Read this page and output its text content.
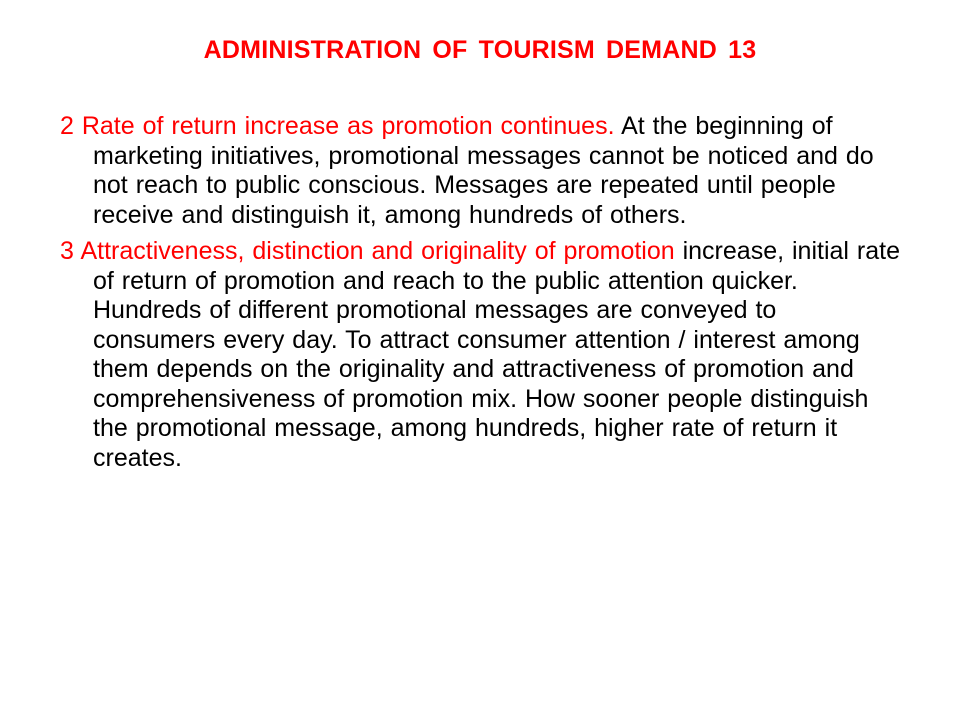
ADMINISTRATION OF TOURISM DEMAND 13

2 Rate of return increase as promotion continues. At the beginning of marketing initiatives, promotional messages cannot be noticed and do not reach to public conscious. Messages are repeated until people receive and distinguish it, among hundreds of others.

3 Attractiveness, distinction and originality of promotion increase, initial rate of return of promotion and reach to the public attention quicker. Hundreds of different promotional messages are conveyed to consumers every day. To attract consumer attention / interest among them depends on the originality and attractiveness of promotion and comprehensiveness of promotion mix. How sooner people distinguish the promotional message, among hundreds, higher rate of return it creates.
